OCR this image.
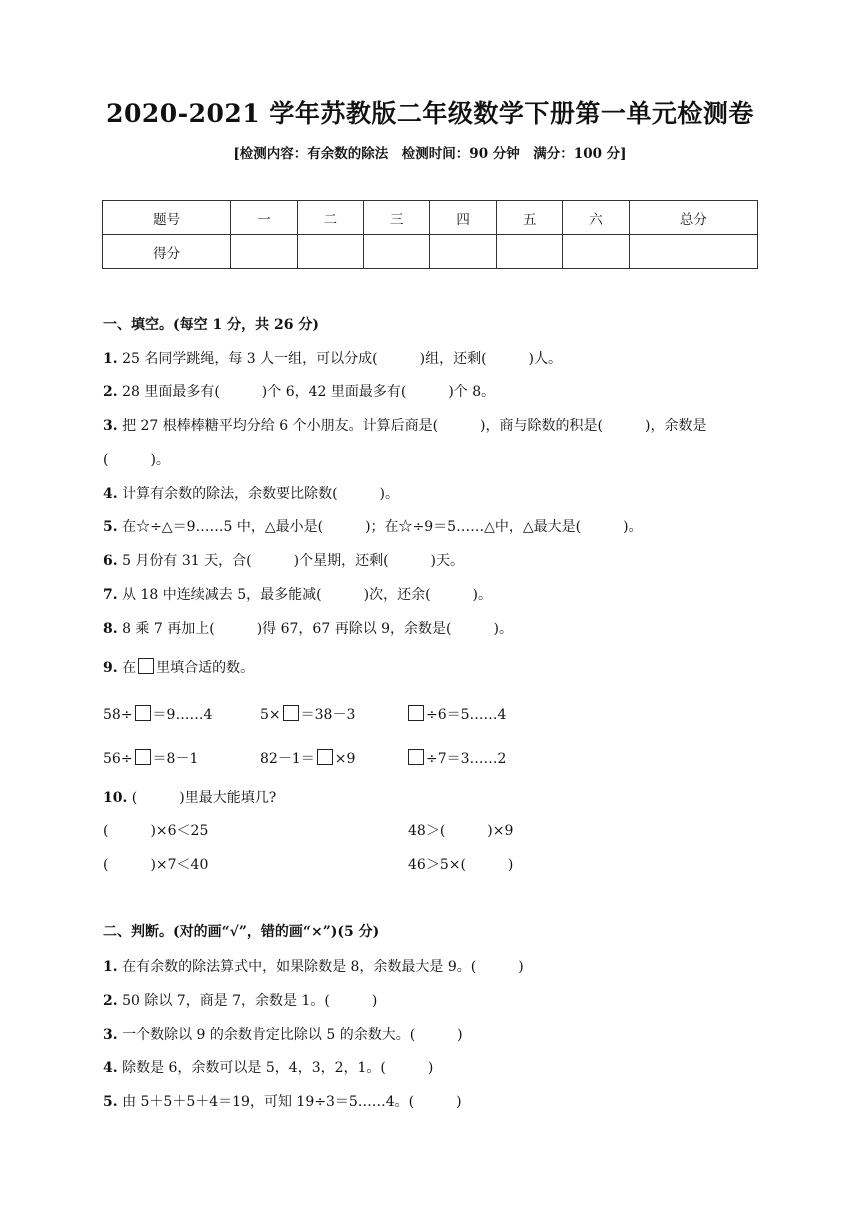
2020-2021 学年苏教版二年级数学下册第一单元检测卷
[检测内容：有余数的除法　检测时间：90 分钟　满分：100 分]
题号	一	二	三	四	五	六	总分
得分							
一、填空。(每空 1 分，共 26 分)
1. 25 名同学跳绳，每 3 人一组，可以分成(　　　)组，还剩(　　　)人。
2. 28 里面最多有(　　　)个 6，42 里面最多有(　　　)个 8。
3. 把 27 根棒棒糖平均分给 6 个小朋友。计算后商是(　　　)，商与除数的积是(　　　)，余数是
(　　　)。
4. 计算有余数的除法，余数要比除数(　　　)。
5. 在☆÷△＝9……5 中，△最小是(　　　)；在☆÷9＝5……△中，△最大是(　　　)。
6. 5 月份有 31 天，合(　　　)个星期，还剩(　　　)天。
7. 从 18 中连续减去 5，最多能减(　　　)次，还余(　　　)。
8. 8 乘 7 再加上(　　　)得 67，67 再除以 9，余数是(　　　)。
9. 在 里填合适的数。
58÷ ＝9……4	5× ＝38－3	÷6＝5……4
56÷ ＝8－1	82－1＝ ×9	÷7＝3……2
10. (　　　)里最大能填几?
(　　　)×6＜25	48＞(　　　)×9
(　　　)×7＜40	46＞5×(　　　)
二、判断。(对的画“√”，错的画“×”)(5 分)
1. 在有余数的除法算式中，如果除数是 8，余数最大是 9。(　　　)
2. 50 除以 7，商是 7，余数是 1。(　　　)
3. 一个数除以 9 的余数肯定比除以 5 的余数大。(　　　)
4. 除数是 6，余数可以是 5，4，3，2，1。(　　　)
5. 由 5＋5＋5＋4＝19，可知 19÷3＝5……4。(　　　)
